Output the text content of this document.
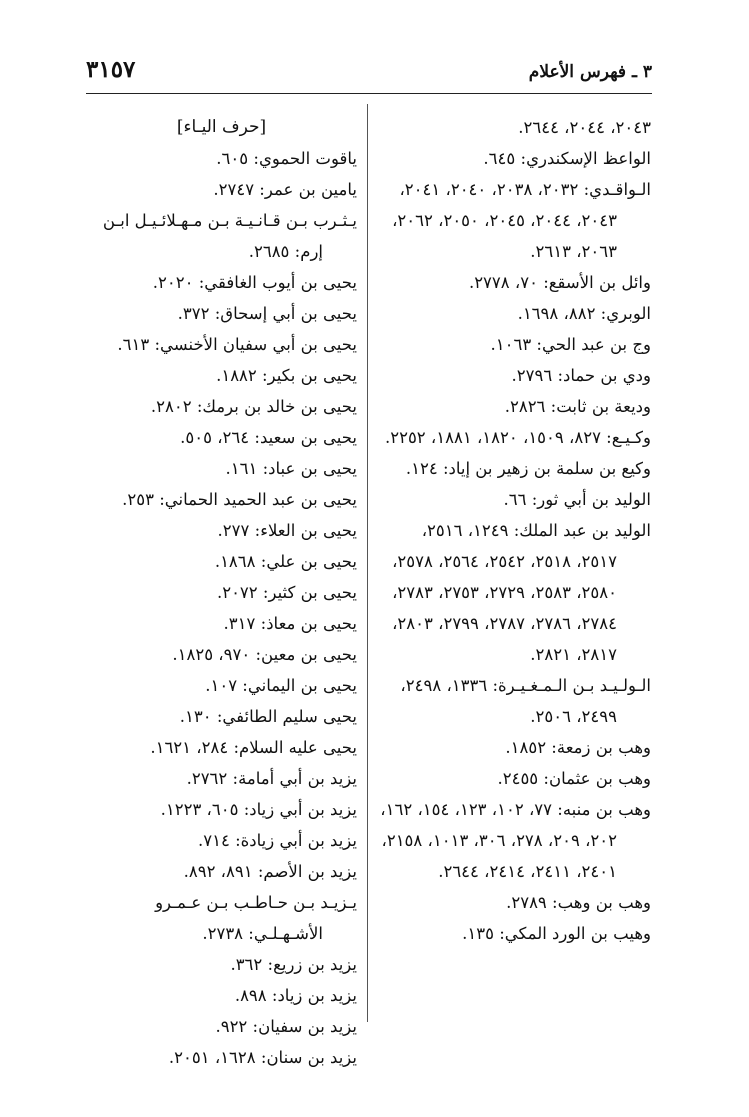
٣ ـ فهرس الأعلام
٣١٥٧
٢٠٤٣، ٢٠٤٤، ٢٦٤٤.
الواعظ الإسكندري: ٦٤٥.
الـواقـدي: ٢٠٣٢، ٢٠٣٨، ٢٠٤٠، ٢٠٤١، ٢٠٤٣، ٢٠٤٤، ٢٠٤٥، ٢٠٥٠، ٢٠٦٢، ٢٠٦٣، ٢٦١٣.
وائل بن الأسقع: ٧٠، ٢٧٧٨.
الوبري: ٨٨٢، ١٦٩٨.
وج بن عبد الحي: ١٠٦٣.
ودي بن حماد: ٢٧٩٦.
وديعة بن ثابت: ٢٨٢٦.
وكـيـع: ٨٢٧، ١٥٠٩، ١٨٢٠، ١٨٨١، ٢٢٥٢.
وكيع بن سلمة بن زهير بن إياد: ١٢٤.
الوليد بن أبي ثور: ٦٦.
الوليد بن عبد الملك: ١٢٤٩، ٢٥١٦، ٢٥١٧، ٢٥١٨، ٢٥٤٢، ٢٥٦٤، ٢٥٧٨، ٢٥٨٠، ٢٥٨٣، ٢٧٢٩، ٢٧٥٣، ٢٧٨٣، ٢٧٨٤، ٢٧٨٦، ٢٧٨٧، ٢٧٩٩، ٢٨٠٣، ٢٨١٧، ٢٨٢١.
الـولـيـد بـن الـمـغـيـرة: ١٣٣٦، ٢٤٩٨، ٢٤٩٩، ٢٥٠٦.
وهب بن زمعة: ١٨٥٢.
وهب بن عثمان: ٢٤٥٥.
وهب بن منبه: ٧٧، ١٠٢، ١٢٣، ١٥٤، ١٦٢، ٢٠٢، ٢٠٩، ٢٧٨، ٣٠٦، ١٠١٣، ٢١٥٨، ٢٤٠١، ٢٤١١، ٢٤١٤، ٢٦٤٤.
وهب بن وهب: ٢٧٨٩.
وهيب بن الورد المكي: ١٣٥.
[حرف اليـاء]
ياقوت الحموي: ٦٠٥.
يامين بن عمر: ٢٧٤٧.
يـثـرب بـن قـانـيـة بـن مـهـلائـيـل ابـن إرم: ٢٦٨٥.
يحيى بن أيوب الغافقي: ٢٠٢٠.
يحيى بن أبي إسحاق: ٣٧٢.
يحيى بن أبي سفيان الأخنسي: ٦١٣.
يحيى بن بكير: ١٨٨٢.
يحيى بن خالد بن برمك: ٢٨٠٢.
يحيى بن سعيد: ٢٦٤، ٥٠٥.
يحيى بن عباد: ١٦١.
يحيى بن عبد الحميد الحماني: ٢٥٣.
يحيى بن العلاء: ٢٧٧.
يحيى بن علي: ١٨٦٨.
يحيى بن كثير: ٢٠٧٢.
يحيى بن معاذ: ٣١٧.
يحيى بن معين: ٩٧٠، ١٨٢٥.
يحيى بن اليماني: ١٠٧.
يحيى سليم الطائفي: ١٣٠.
يحيى عليه السلام: ٢٨٤، ١٦٢١.
يزيد بن أبي أمامة: ٢٧٦٢.
يزيد بن أبي زياد: ٦٠٥، ١٢٢٣.
يزيد بن أبي زيادة: ٧١٤.
يزيد بن الأصم: ٨٩١، ٨٩٢.
يـزيـد بـن حـاطـب بـن عـمـرو الأشـهـلـي: ٢٧٣٨.
يزيد بن زريع: ٣٦٢.
يزيد بن زياد: ٨٩٨.
يزيد بن سفيان: ٩٢٢.
يزيد بن سنان: ١٦٢٨، ٢٠٥١.
